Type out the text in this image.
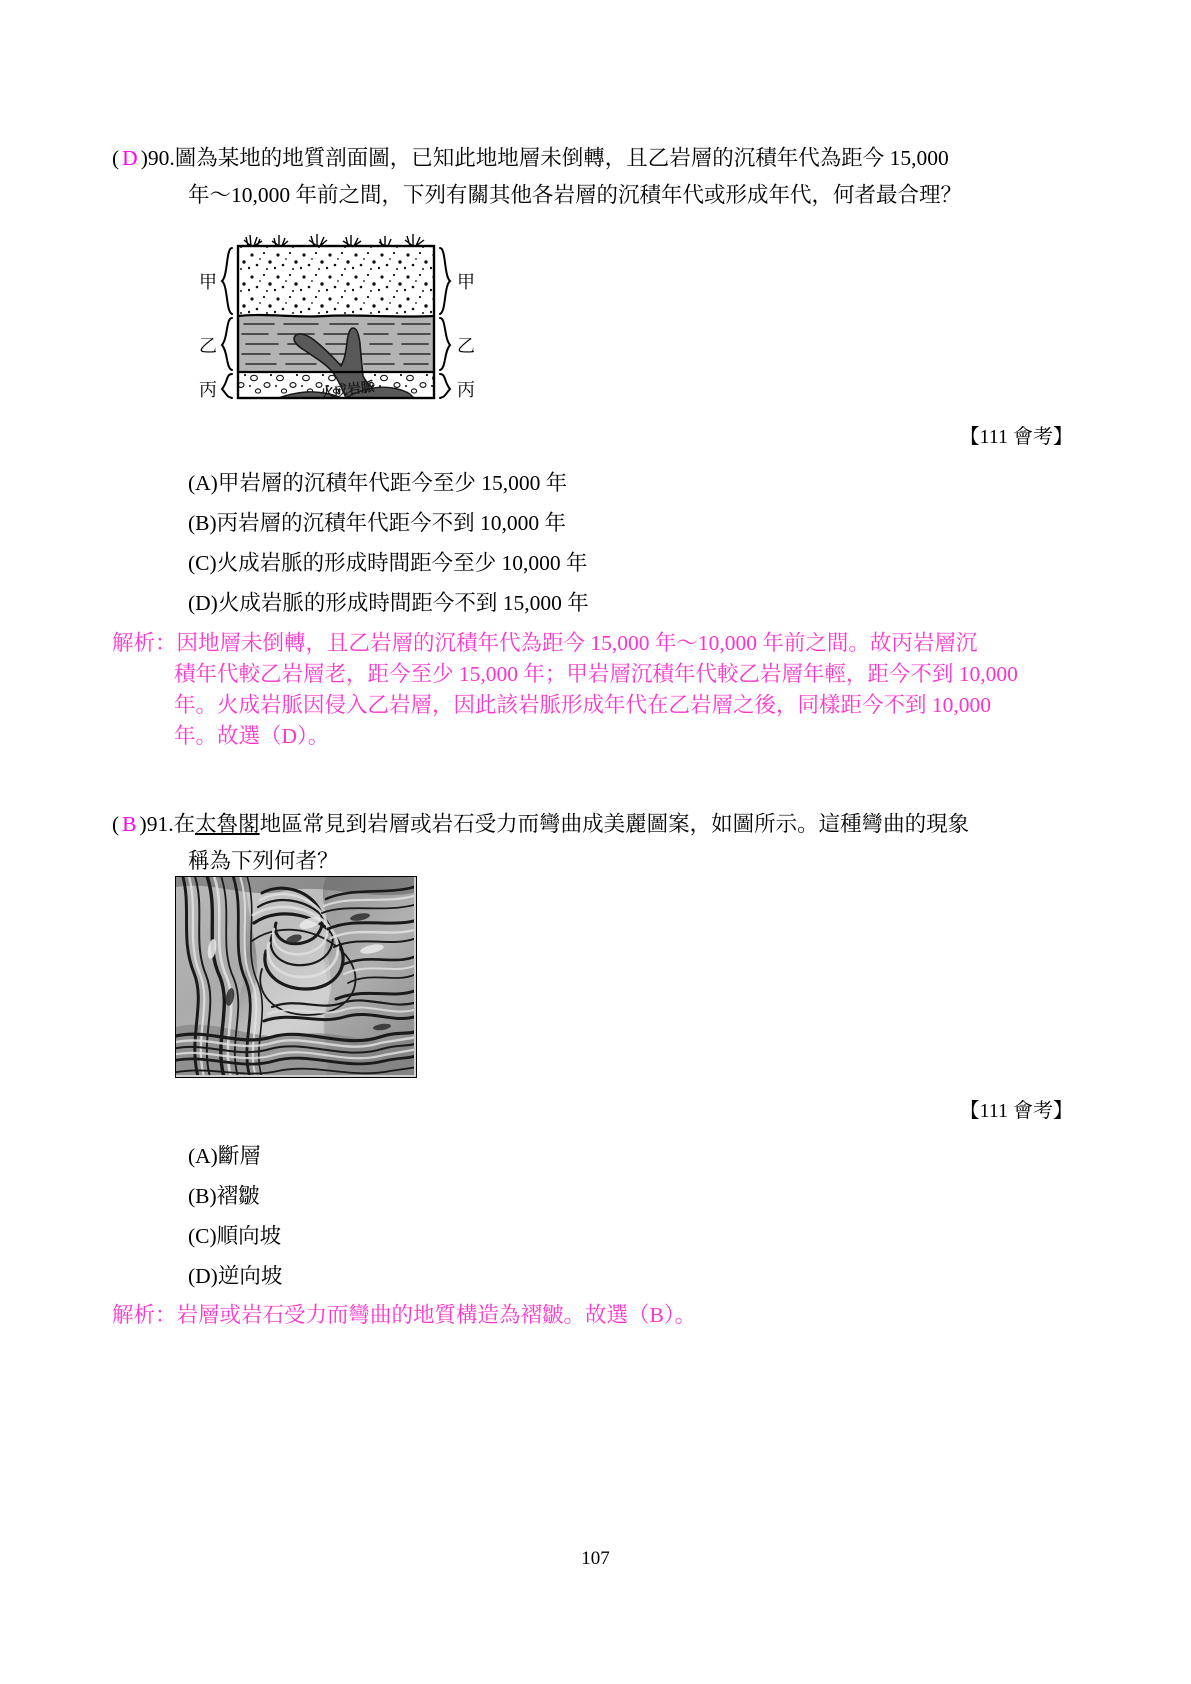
( D )90.圖為某地的地質剖面圖，已知此地地層未倒轉，且乙岩層的沉積年代為距今 15,000
年～10,000 年前之間，下列有關其他各岩層的沉積年代或形成年代，何者最合理？
火成岩脈
甲
乙
丙
甲
乙
丙
【111 會考】
(A)甲岩層的沉積年代距今至少 15,000 年
(B)丙岩層的沉積年代距今不到 10,000 年
(C)火成岩脈的形成時間距今至少 10,000 年
(D)火成岩脈的形成時間距今不到 15,000 年
解析：因地層未倒轉，且乙岩層的沉積年代為距今 15,000 年～10,000 年前之間。故丙岩層沉
積年代較乙岩層老，距今至少 15,000 年；甲岩層沉積年代較乙岩層年輕，距今不到 10,000
年。火成岩脈因侵入乙岩層，因此該岩脈形成年代在乙岩層之後，同樣距今不到 10,000
年。故選（D）。
( B )91.在太魯閣地區常見到岩層或岩石受力而彎曲成美麗圖案，如圖所示。這種彎曲的現象
稱為下列何者？
【111 會考】
(A)斷層
(B)褶皺
(C)順向坡
(D)逆向坡
解析：岩層或岩石受力而彎曲的地質構造為褶皺。故選（B）。
107
